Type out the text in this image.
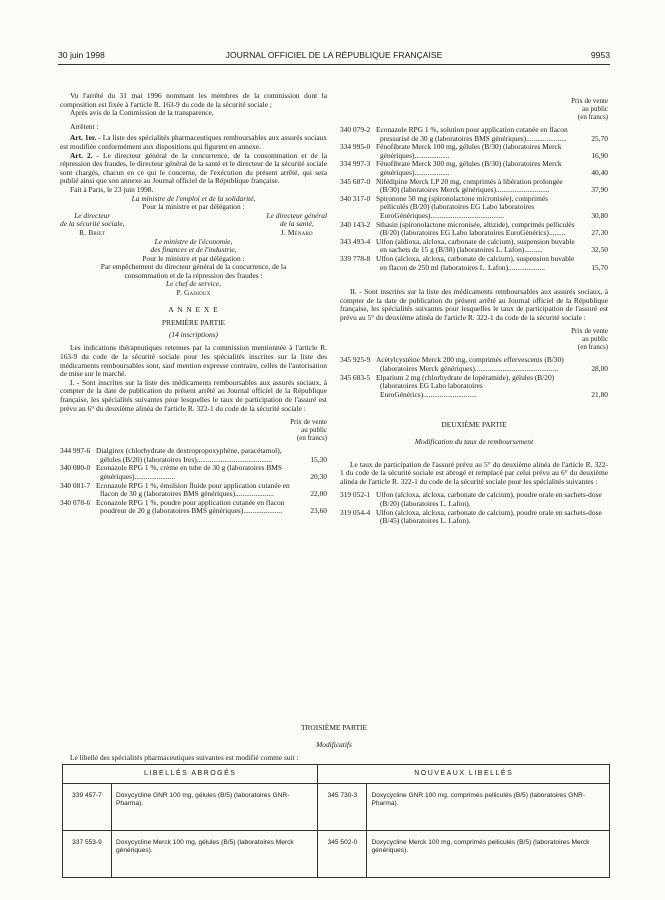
30 juin 1998	JOURNAL OFFICIEL DE LA RÉPUBLIQUE FRANÇAISE	9953

Vu l'arrêté du 31 mai 1996 nommant les membres de la commission dont la composition est fixée à l'article R. 163-9 du code de la sécurité sociale ;

Après avis de la Commission de la transparence,

Arrêtent :

Art. 1er. - La liste des spécialités pharmaceutiques remboursables aux assurés sociaux est modifiée conformément aux dispositions qui figurent en annexe.

Art. 2. - Le directeur général de la concurrence, de la consommation et de la répression des fraudes, le directeur général de la santé et le directeur de la sécurité sociale sont chargés, chacun en ce qui le concerne, de l'exécution du présent arrêté, qui sera publié ainsi que son annexe au Journal officiel de la République française.

Fait à Paris, le 23 juin 1998.

La ministre de l'emploi et de la solidarité,

Pour la ministre et par délégation :

Le directeur

de la sécurité sociale,

R. Briet

Le directeur général

de la santé,

J. Ménard

Le ministre de l'économie,

des finances et de l'industrie,

Pour le ministre et par délégation :

Par empêchement du directeur général de la concurrence, de la consommation et de la répression des fraudes :

Le chef de service,

P. Gadioux

A N N E X E

PREMIÈRE PARTIE

(14 inscriptions)

Les indications thérapeutiques retenues par la commission mentionnée à l'article R. 163-9 du code de la sécurité sociale pour les spécialités inscrites sur la liste des médicaments remboursables sont, sauf mention expresse contraire, celles de l'autorisation de mise sur le marché.

I. - Sont inscrites sur la liste des médicaments remboursables aux assurés sociaux, à compter de la date de publication du présent arrêté au Journal officiel de la République française, les spécialités suivantes pour lesquelles le taux de participation de l'assuré est prévu au 6° du deuxième alinéa de l'article R. 322-1 du code de la sécurité sociale :

Prix de vente
au public
(en francs)
344 997-6 Dialgirex (chlorhydrate de dextropropoxyphène, paracétamol), gélules (B/20) (laboratoires Ires).........................................	15,30
340 080-0 Econazole RPG 1 %, crème en tube de 30 g (laboratoires BMS génériques)......................	20,30
340 081-7 Econazole RPG 1 %, émulsion fluide pour application cutanée en flacon de 30 g (laboratoires BMS génériques).....................	22,00
340 078-6 Econazole RPG 1 %, poudre pour application cutanée en flacon poudreur de 20 g (laboratoires BMS génériques).....................	23,60
Prix de vente
au public
(en francs)
340 079-2 Econazole RPG 1 %, solution pour application cutanée en flacon pressurisé de 30 g (laboratoires BMS génériques)......................	25,70
334 995-0 Fénofibrate Merck 100 mg, gélules (B/30) (laboratoires Merck génériques)...................	16,90
334 997-3 Fénofibrate Merck 300 mg, gélules (B/30) (laboratoires Merck génériques)...................	40,40
345 687-0 Nifédipine Merck LP 20 mg, comprimés à libération prolongée (B/30) (laboratoires Merck génériques).............................	37,90
340 317-0 Spironone 50 mg (spironolactone micronisée), comprimés pelliculés (B/20) (laboratoires EG Labo laboratoires EuroGénériques)........................................	30,80
340 143-2 Sthasin (spironolactone micronisée, altizide), comprimés pelliculés (B/20) (laboratoires EG Labo laboratoires EuroGénérics).........	27,30
343 493-4 Ulfon (aldioxa, alcloxa, carbonate de calcium), suspension buvable en sachets de 15 g (B/30) (laboratoires L. Lafon)..........	32,50
339 778-8 Ulfon (alcloxa, alcloxa, carbonate de calcium), suspension buvable en flacon de 250 ml (laboratoires L. Lafon)....................	15,70

II. - Sont inscrites sur la liste des médicaments remboursables aux assurés sociaux, à compter de la date de publication du présent arrêté au Journal officiel de la République française, les spécialités suivantes pour lesquelles le taux de participation de l'assuré est prévu au 5° du deuxième alinéa de l'article R. 322-1 du code de la sécurité sociale :

Prix de vente
au public
(en francs)
345 925-9 Acétylcystéine Merck 200 mg, comprimés effervescents (B/30) (laboratoires Merck génériques).............................................	28,00
345 683-5 Elparium 2 mg (chlorhydrate de lopéramide), gélules (B/20) (laboratoires EG Labo laboratoires EuroGénérics).............................	21,80

DEUXIÈME PARTIE

Modification du taux de remboursement

Le taux de participation de l'assuré prévu au 5° du deuxième alinéa de l'article R. 322-1 du code de la sécurité sociale est abrogé et remplacé par celui prévu au 6° du deuxième alinéa de l'article R. 322-1 du code de la sécurité sociale pour les spécialités suivantes :

319 052-1 Ulfon (alcloxa, alcloxa, carbonate de calcium), poudre orale en sachets-dose (B/20) (laboratoires L. Lafon).
319 054-4 Ulfon (alcloxa, alcloxa, carbonate de calcium), poudre orale en sachets-dose (B/45) (laboratoires L. Lafon).

TROISIÈME PARTIE

Modificatifs

Le libellé des spécialités pharmaceutiques suivantes est modifié comme suit :

LIBELLÉS ABROGÉS		NOUVEAUX LIBELLÉS	
339 457-7	Doxycycline GNR 100 mg, gélules (B/5) (laboratoires GNR-Pharma).	345 730-3	Doxycycline GNR 100 mg, comprimés pelliculés (B/5) (laboratoires GNR-Pharma).
337 553-9	Doxycycline Merck 100 mg, gélules (B/5) (laboratoires Merck génériques).	345 502-0	Doxycycline Merck 100 mg, comprimés pelliculés (B/5) (laboratoires Merck génériques).
